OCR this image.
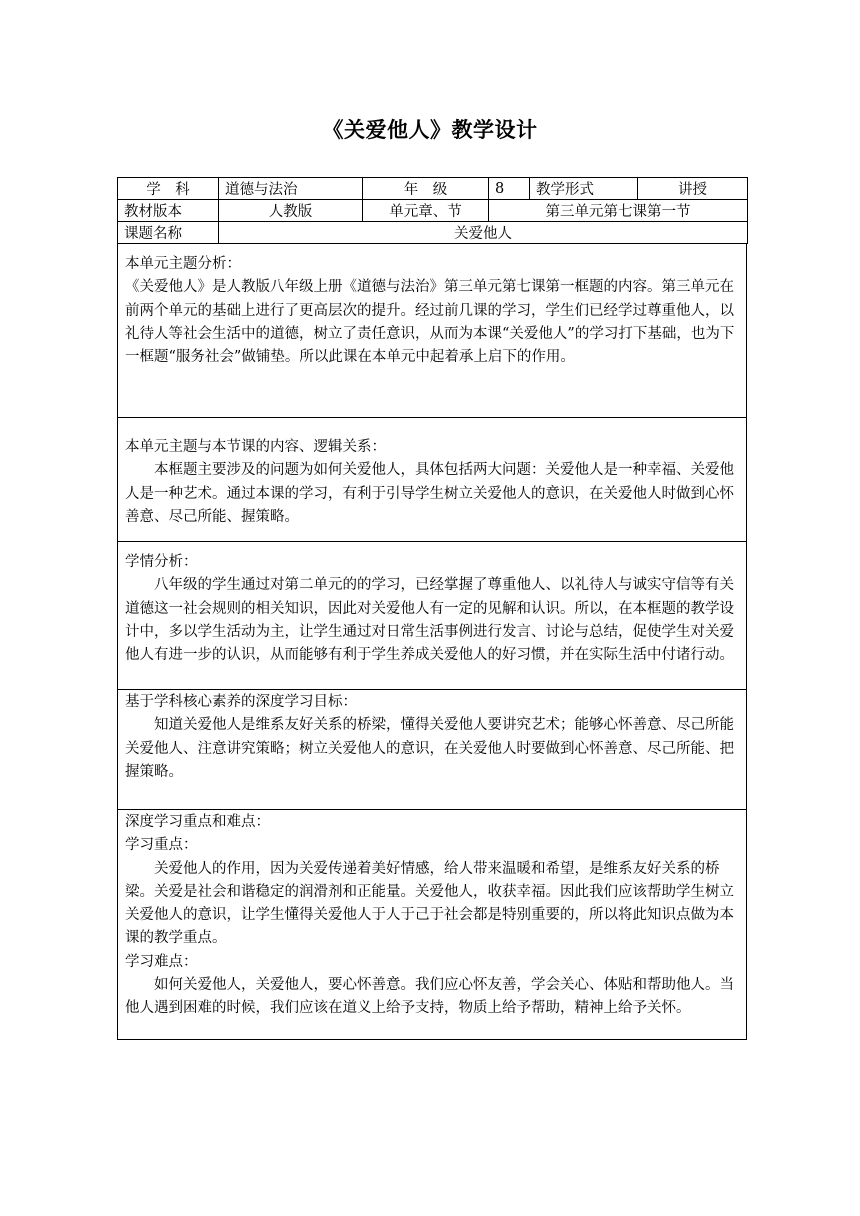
《关爱他人》教学设计
学　科	道德与法治	年　级	8	教学形式	讲授
教材版本	人教版	单元章、节	第三单元第七课第一节		
课题名称	关爱他人				

本单元主题分析：

《关爱他人》是人教版八年级上册《道德与法治》第三单元第七课第一框题的内容。第三单元在前两个单元的基础上进行了更高层次的提升。经过前几课的学习，学生们已经学过尊重他人，以礼待人等社会生活中的道德，树立了责任意识，从而为本课“关爱他人”的学习打下基础，也为下一框题“服务社会”做铺垫。所以此课在本单元中起着承上启下的作用。

本单元主题与本节课的内容、逻辑关系：

本框题主要涉及的问题为如何关爱他人，具体包括两大问题：关爱他人是一种幸福、关爱他人是一种艺术。通过本课的学习，有利于引导学生树立关爱他人的意识，在关爱他人时做到心怀善意、尽己所能、握策略。

学情分析：

八年级的学生通过对第二单元的的学习，已经掌握了尊重他人、以礼待人与诚实守信等有关道德这一社会规则的相关知识，因此对关爱他人有一定的见解和认识。所以，在本框题的教学设计中，多以学生活动为主，让学生通过对日常生活事例进行发言、讨论与总结，促使学生对关爱他人有进一步的认识，从而能够有利于学生养成关爱他人的好习惯，并在实际生活中付诸行动。

基于学科核心素养的深度学习目标：

知道关爱他人是维系友好关系的桥梁，懂得关爱他人要讲究艺术；能够心怀善意、尽己所能关爱他人、注意讲究策略；树立关爱他人的意识，在关爱他人时要做到心怀善意、尽己所能、把握策略。

深度学习重点和难点：

学习重点：

关爱他人的作用，因为关爱传递着美好情感，给人带来温暖和希望，是维系友好关系的桥梁。关爱是社会和谐稳定的润滑剂和正能量。关爱他人，收获幸福。因此我们应该帮助学生树立关爱他人的意识，让学生懂得关爱他人于人于己于社会都是特别重要的，所以将此知识点做为本课的教学重点。

学习难点：

如何关爱他人，关爱他人，要心怀善意。我们应心怀友善，学会关心、体贴和帮助他人。当他人遇到困难的时候，我们应该在道义上给予支持，物质上给予帮助，精神上给予关怀。
